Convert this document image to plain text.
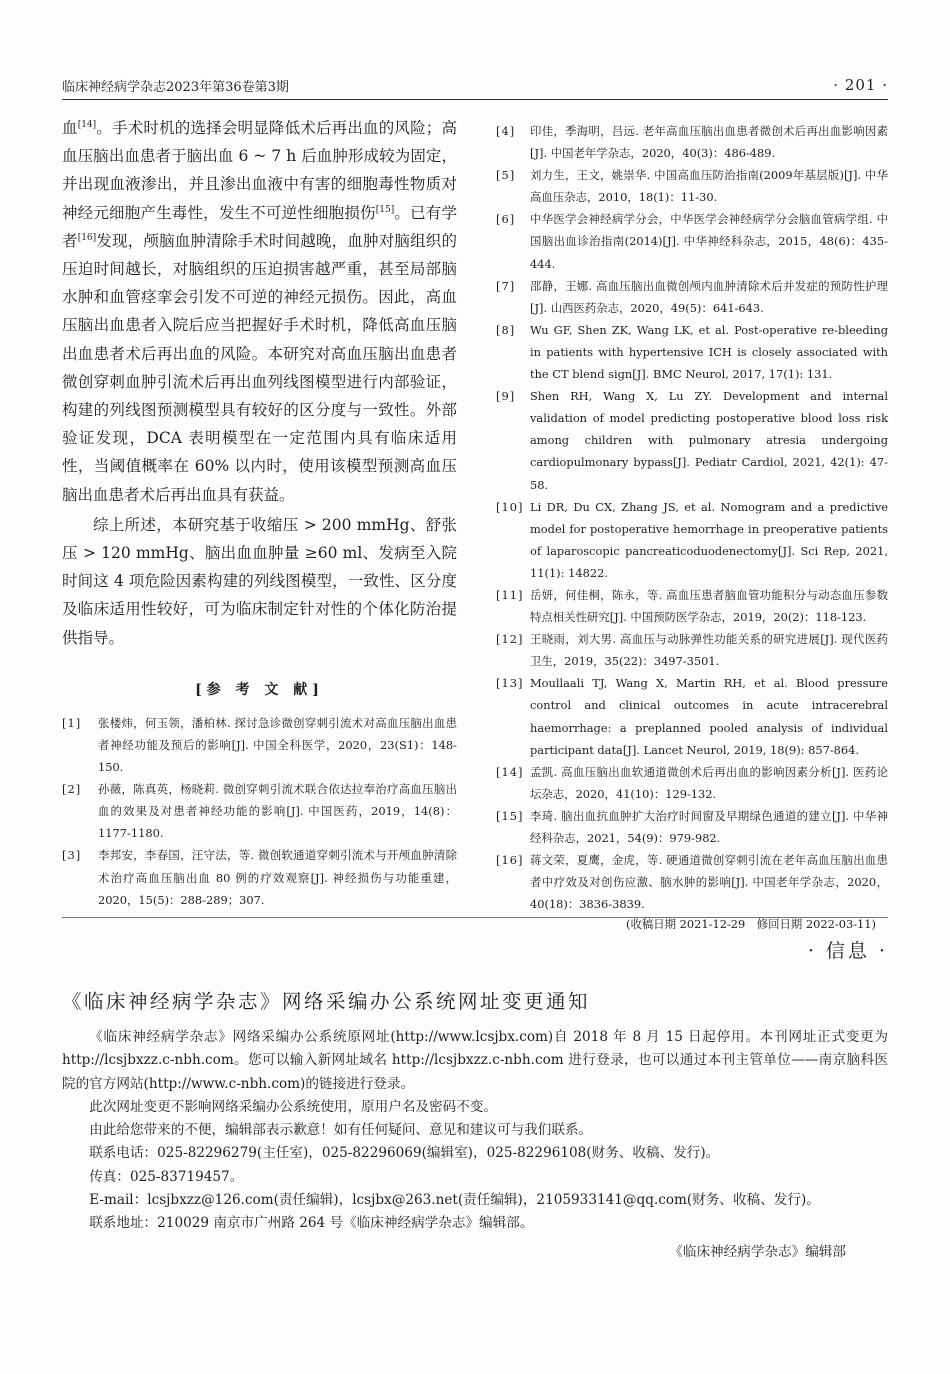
临床神经病学杂志2023年第36卷第3期	· 201 ·

血[14]。手术时机的选择会明显降低术后再出血的风险；高血压脑出血患者于脑出血 6 ~ 7 h 后血肿形成较为固定，并出现血液渗出，并且渗出血液中有害的细胞毒性物质对神经元细胞产生毒性，发生不可逆性细胞损伤[15]。已有学者[16]发现，颅脑血肿清除手术时间越晚，血肿对脑组织的压迫时间越长，对脑组织的压迫损害越严重，甚至局部脑水肿和血管痉挛会引发不可逆的神经元损伤。因此，高血压脑出血患者入院后应当把握好手术时机，降低高血压脑出血患者术后再出血的风险。本研究对高血压脑出血患者微创穿刺血肿引流术后再出血列线图模型进行内部验证，构建的列线图预测模型具有较好的区分度与一致性。外部验证发现，DCA 表明模型在一定范围内具有临床适用性，当阈值概率在 60% 以内时，使用该模型预测高血压脑出血患者术后再出血具有获益。

综上所述，本研究基于收缩压 > 200 mmHg、舒张压 > 120 mmHg、脑出血血肿量 ≥60 ml、发病至入院时间这 4 项危险因素构建的列线图模型，一致性、区分度及临床适用性较好，可为临床制定针对性的个体化防治提供指导。

[参 考 文 献]
[1]	张楼炜，何玉领，潘柏林. 探讨急诊微创穿刺引流术对高血压脑出血患者神经功能及预后的影响[J]. 中国全科医学，2020，23(S1)：148-150.
[2]	孙薇，陈真英，杨晓莉. 微创穿刺引流术联合依达拉奉治疗高血压脑出血的效果及对患者神经功能的影响[J]. 中国医药，2019，14(8)：1177-1180.
[3]	李邦安，李春国，汪守法，等. 微创软通道穿刺引流术与开颅血肿清除术治疗高血压脑出血 80 例的疗效观察[J]. 神经损伤与功能重建，2020，15(5)：288-289；307.
[4]	印佳，季海明，吕远. 老年高血压脑出血患者微创术后再出血影响因素[J]. 中国老年学杂志，2020，40(3)：486-489.
[5]	刘力生，王文，姚崇华. 中国高血压防治指南(2009年基层版)[J]. 中华高血压杂志，2010，18(1)：11-30.
[6]	中华医学会神经病学分会，中华医学会神经病学分会脑血管病学组. 中国脑出血诊治指南(2014)[J]. 中华神经科杂志，2015，48(6)：435-444.
[7]	邵静，王娜. 高血压脑出血微创颅内血肿清除术后并发症的预防性护理[J]. 山西医药杂志，2020，49(5)：641-643.
[8]	Wu GF, Shen ZK, Wang LK, et al. Post-operative re-bleeding in patients with hypertensive ICH is closely associated with the CT blend sign[J]. BMC Neurol, 2017, 17(1): 131.
[9]	Shen RH, Wang X, Lu ZY. Development and internal validation of model predicting postoperative blood loss risk among children with pulmonary atresia undergoing cardiopulmonary bypass[J]. Pediatr Cardiol, 2021, 42(1): 47-58.
[10] Li DR, Du CX, Zhang JS, et al. Nomogram and a predictive model for postoperative hemorrhage in preoperative patients of laparoscopic pancreaticoduodenectomy[J]. Sci Rep, 2021, 11(1): 14822.
[11] 岳妍，何佳桐，陈永，等. 高血压患者脑血管功能积分与动态血压参数特点相关性研究[J]. 中国预防医学杂志，2019，20(2)：118-123.
[12] 王晓雨，刘大男. 高血压与动脉弹性功能关系的研究进展[J]. 现代医药卫生，2019，35(22)：3497-3501.
[13] Moullaali TJ, Wang X, Martin RH, et al. Blood pressure control and clinical outcomes in acute intracerebral haemorrhage: a preplanned pooled analysis of individual participant data[J]. Lancet Neurol, 2019, 18(9): 857-864.
[14] 孟凯. 高血压脑出血软通道微创术后再出血的影响因素分析[J]. 医药论坛杂志，2020，41(10)：129-132.
[15] 李琦. 脑出血抗血肿扩大治疗时间窗及早期绿色通道的建立[J]. 中华神经科杂志，2021，54(9)：979-982.
[16] 蒋文荣，夏鹰，金虎，等. 硬通道微创穿刺引流在老年高血压脑出血患者中疗效及对创伤应激、脑水肿的影响[J]. 中国老年学杂志，2020，40(18)：3836-3839.
(收稿日期 2021-12-29　修回日期 2022-03-11)
· 信息 ·
《临床神经病学杂志》网络采编办公系统网址变更通知

《临床神经病学杂志》网络采编办公系统原网址(http://www.lcsjbx.com)自 2018 年 8 月 15 日起停用。本刊网址正式变更为 http://lcsjbxzz.c-nbh.com。您可以输入新网址域名 http://lcsjbxzz.c-nbh.com 进行登录，也可以通过本刊主管单位——南京脑科医院的官方网站(http://www.c-nbh.com)的链接进行登录。

此次网址变更不影响网络采编办公系统使用，原用户名及密码不变。

由此给您带来的不便，编辑部表示歉意！如有任何疑问、意见和建议可与我们联系。

联系电话：025-82296279(主任室)，025-82296069(编辑室)，025-82296108(财务、收稿、发行)。

传真：025-83719457。

E-mail：lcsjbxzz@126.com(责任编辑)，lcsjbx@263.net(责任编辑)，2105933141@qq.com(财务、收稿、发行)。

联系地址：210029 南京市广州路 264 号《临床神经病学杂志》编辑部。

《临床神经病学杂志》编辑部
